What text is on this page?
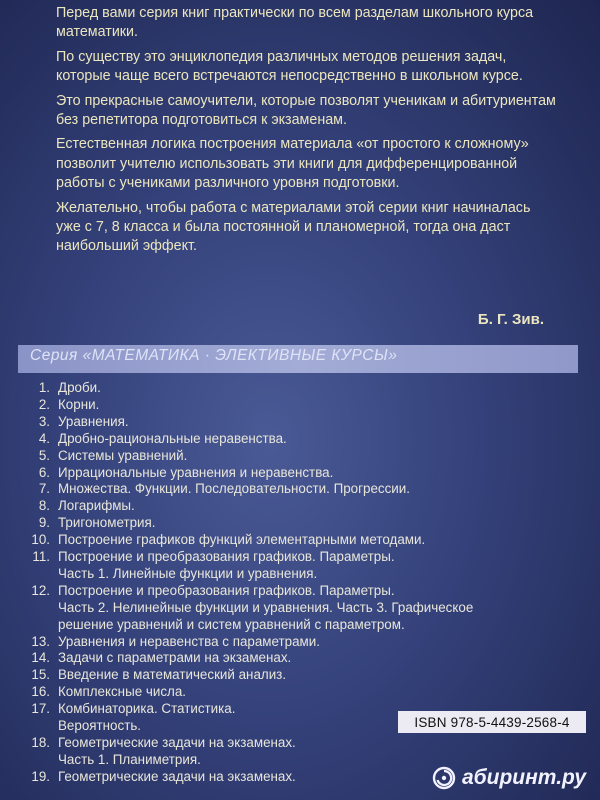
Перед вами серия книг практически по всем разделам школьного курса математики.

По существу это энциклопедия различных методов решения задач, которые чаще всего встречаются непосредственно в школьном курсе.

Это прекрасные самоучители, которые позволят ученикам и абитуриентам без репетитора подготовиться к экзаменам.

Естественная логика построения материала «от простого к сложному» позволит учителю использовать эти книги для дифференцированной работы с учениками различного уровня подготовки.

Желательно, чтобы работа с материалами этой серии книг начиналась уже с 7, 8 класса и была постоянной и планомерной, тогда она даст наибольший эффект.

Б. Г. Зив.
Серия «МАТЕМАТИКА · ЭЛЕКТИВНЫЕ КУРСЫ»
1. Дроби.
2. Корни.
3. Уравнения.
4. Дробно-рациональные неравенства.
5. Системы уравнений.
6. Иррациональные уравнения и неравенства.
7. Множества. Функции. Последовательности. Прогрессии.
8. Логарифмы.
9. Тригонометрия.
10. Построение графиков функций элементарными методами.
11. Построение и преобразования графиков. Параметры.
Часть 1. Линейные функции и уравнения.
12. Построение и преобразования графиков. Параметры.
Часть 2. Нелинейные функции и уравнения. Часть 3. Графическое
решение уравнений и систем уравнений с параметром.
13. Уравнения и неравенства с параметрами.
14. Задачи с параметрами на экзаменах.
15. Введение в математический анализ.
16. Комплексные числа.
17. Комбинаторика. Статистика.
Вероятность.
18. Геометрические задачи на экзаменах.
Часть 1. Планиметрия.
19. Геометрические задачи на экзаменах.
ISBN 978-5-4439-2568-4
абиринт.ру
